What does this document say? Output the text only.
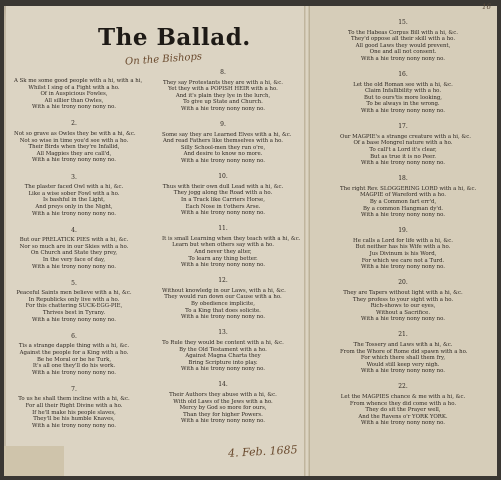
The Ballad.
On the Bishops
4. Feb. 1685
16
A Sk me some good people with a hi, with a hi,
Whilst I sing of a Fight with a ho.
Of in Auspicious Fowles,
All sillier than Owles,
With a hie trony nony nony no.
2.
Not so grave as Owles they be with a hi, &c.
Not so wise in time you'd see with a ho.
Their Birds when they're Infallid,
All Magpies they are call'd,
With a hie trony nony nony no.
3.
The plaster faced Owl with a hi, &c.
Like a wise sober Fowl with a ho.
Is bashful in the Light,
And preys only in the Night,
With a hie trony nony nony no.
4.
But our PRELATICK PIES with a hi, &c.
Nor so much are in our Skies with a ho.
On Church and State they prey,
In the very face of day,
With a hie trony nony nony no.
5.
Peaceful Saints men believe with a hi, &c.
In Republicks only live with a ho.
For this chattering SUCK-EGG-PIE,
Thrives best in Tyrany.
With a hie trony nony nony no.
6.
Tis a strange dapple thing with a hi, &c.
Against the people for a King with a ho.
Be he Moral or be he Turk,
It's all one they'll do his work.
With a hie trony nony nony no.
7.
To us he shall them incline with a hi, &c.
For all their Right Divine with a ho.
If he'll make his people slaves,
They'll be his humble Knaves,
With a hie trony nony nony no.
8.
They say Protestants they are with a hi, &c.
Yet they with a POPISH HEIR with a ho.
And it's plain they lye in the lurch,
To give up State and Church.
With a hie trony nony nony no.
9.
Some say they are Learned Elves with a hi, &c.
And read Fathers like themselves with a ho.
Silly School-men they run o're,
And desire to know no more.
With a hie trony nony nony no.
10.
Thus with their own dull Lead with a hi, &c.
They jogg along the Road with a ho.
In a Track like Carriers Horse,
Each Nose in t'others Arse.
With a hie trony nony nony no.
11.
It is small Learning when they teach with a hi, &c.
Learn but when others say with a ho.
And never they alter,
To learn any thing better.
With a hie trony nony nony no.
12.
Without knowledg in our Laws, with a hi, &c.
They would run down our Cause with a ho.
By obedience implicite,
To a King that does solicite.
With a hie trony nony nony no.
13.
To Rule they would be content with a hi, &c.
By the Old Testament with a ho.
Against Magna Charta they
Bring Scripture into play.
With a hie trony nony nony no.
14.
Their Authors they abuse with a hi, &c.
With old Laws of the Jews with a ho.
Mercy by God so more for ours,
Than they for higher Powers.
With a hie trony nony nony no.
15.
To the Habeas Corpus Bill with a hi, &c.
They'd oppose all their skill with a ho.
All good Laws they would prevent,
One and all not consent.
With a hie trony nony nony no.
16.
Let the old Roman see with a hi, &c.
Claim Infallibility with a ho.
But to ours'tis more looking,
To be always in the wrong.
With a hie trony nony nony no.
17.
Our MAGPIE's a strange creature with a hi, &c.
Of a base Mongrel nature with a ho.
To call't a Lord it's clear,
But as true it is no Peer.
With a hie trony nony nony no.
18.
The right Rev. SLOGGERING LORD with a hi, &c.
MAGPIE of Wareford with a ho.
By a Common fart err'd,
By a common Hangman dy'd.
With a hie trony nony nony no.
19.
He calls a Lord for life with a hi, &c.
But neither has his Wife with a ho.
Jus Divinum is his Word,
For which we care not a Turd.
With a hie trony nony nony no.
20.
They are Tapers without light with a hi, &c.
They profess to your sight with a ho.
Rich-shows to our eyes,
Without a Sacrifice.
With a hie trony nony nony no.
21.
The Tossery and Laws with a hi, &c.
From the Whore of Rome did spawn with a ho.
For which there shall them fry,
Would still keep very nigh.
With a hie trony nony nony no.
22.
Let the MAGPIES chance & me with a hi, &c.
From whence they did come with a ho.
They do sit the Prayer well,
And the Ravens o'r YORK YORK.
With a hie trony nony nony no.
